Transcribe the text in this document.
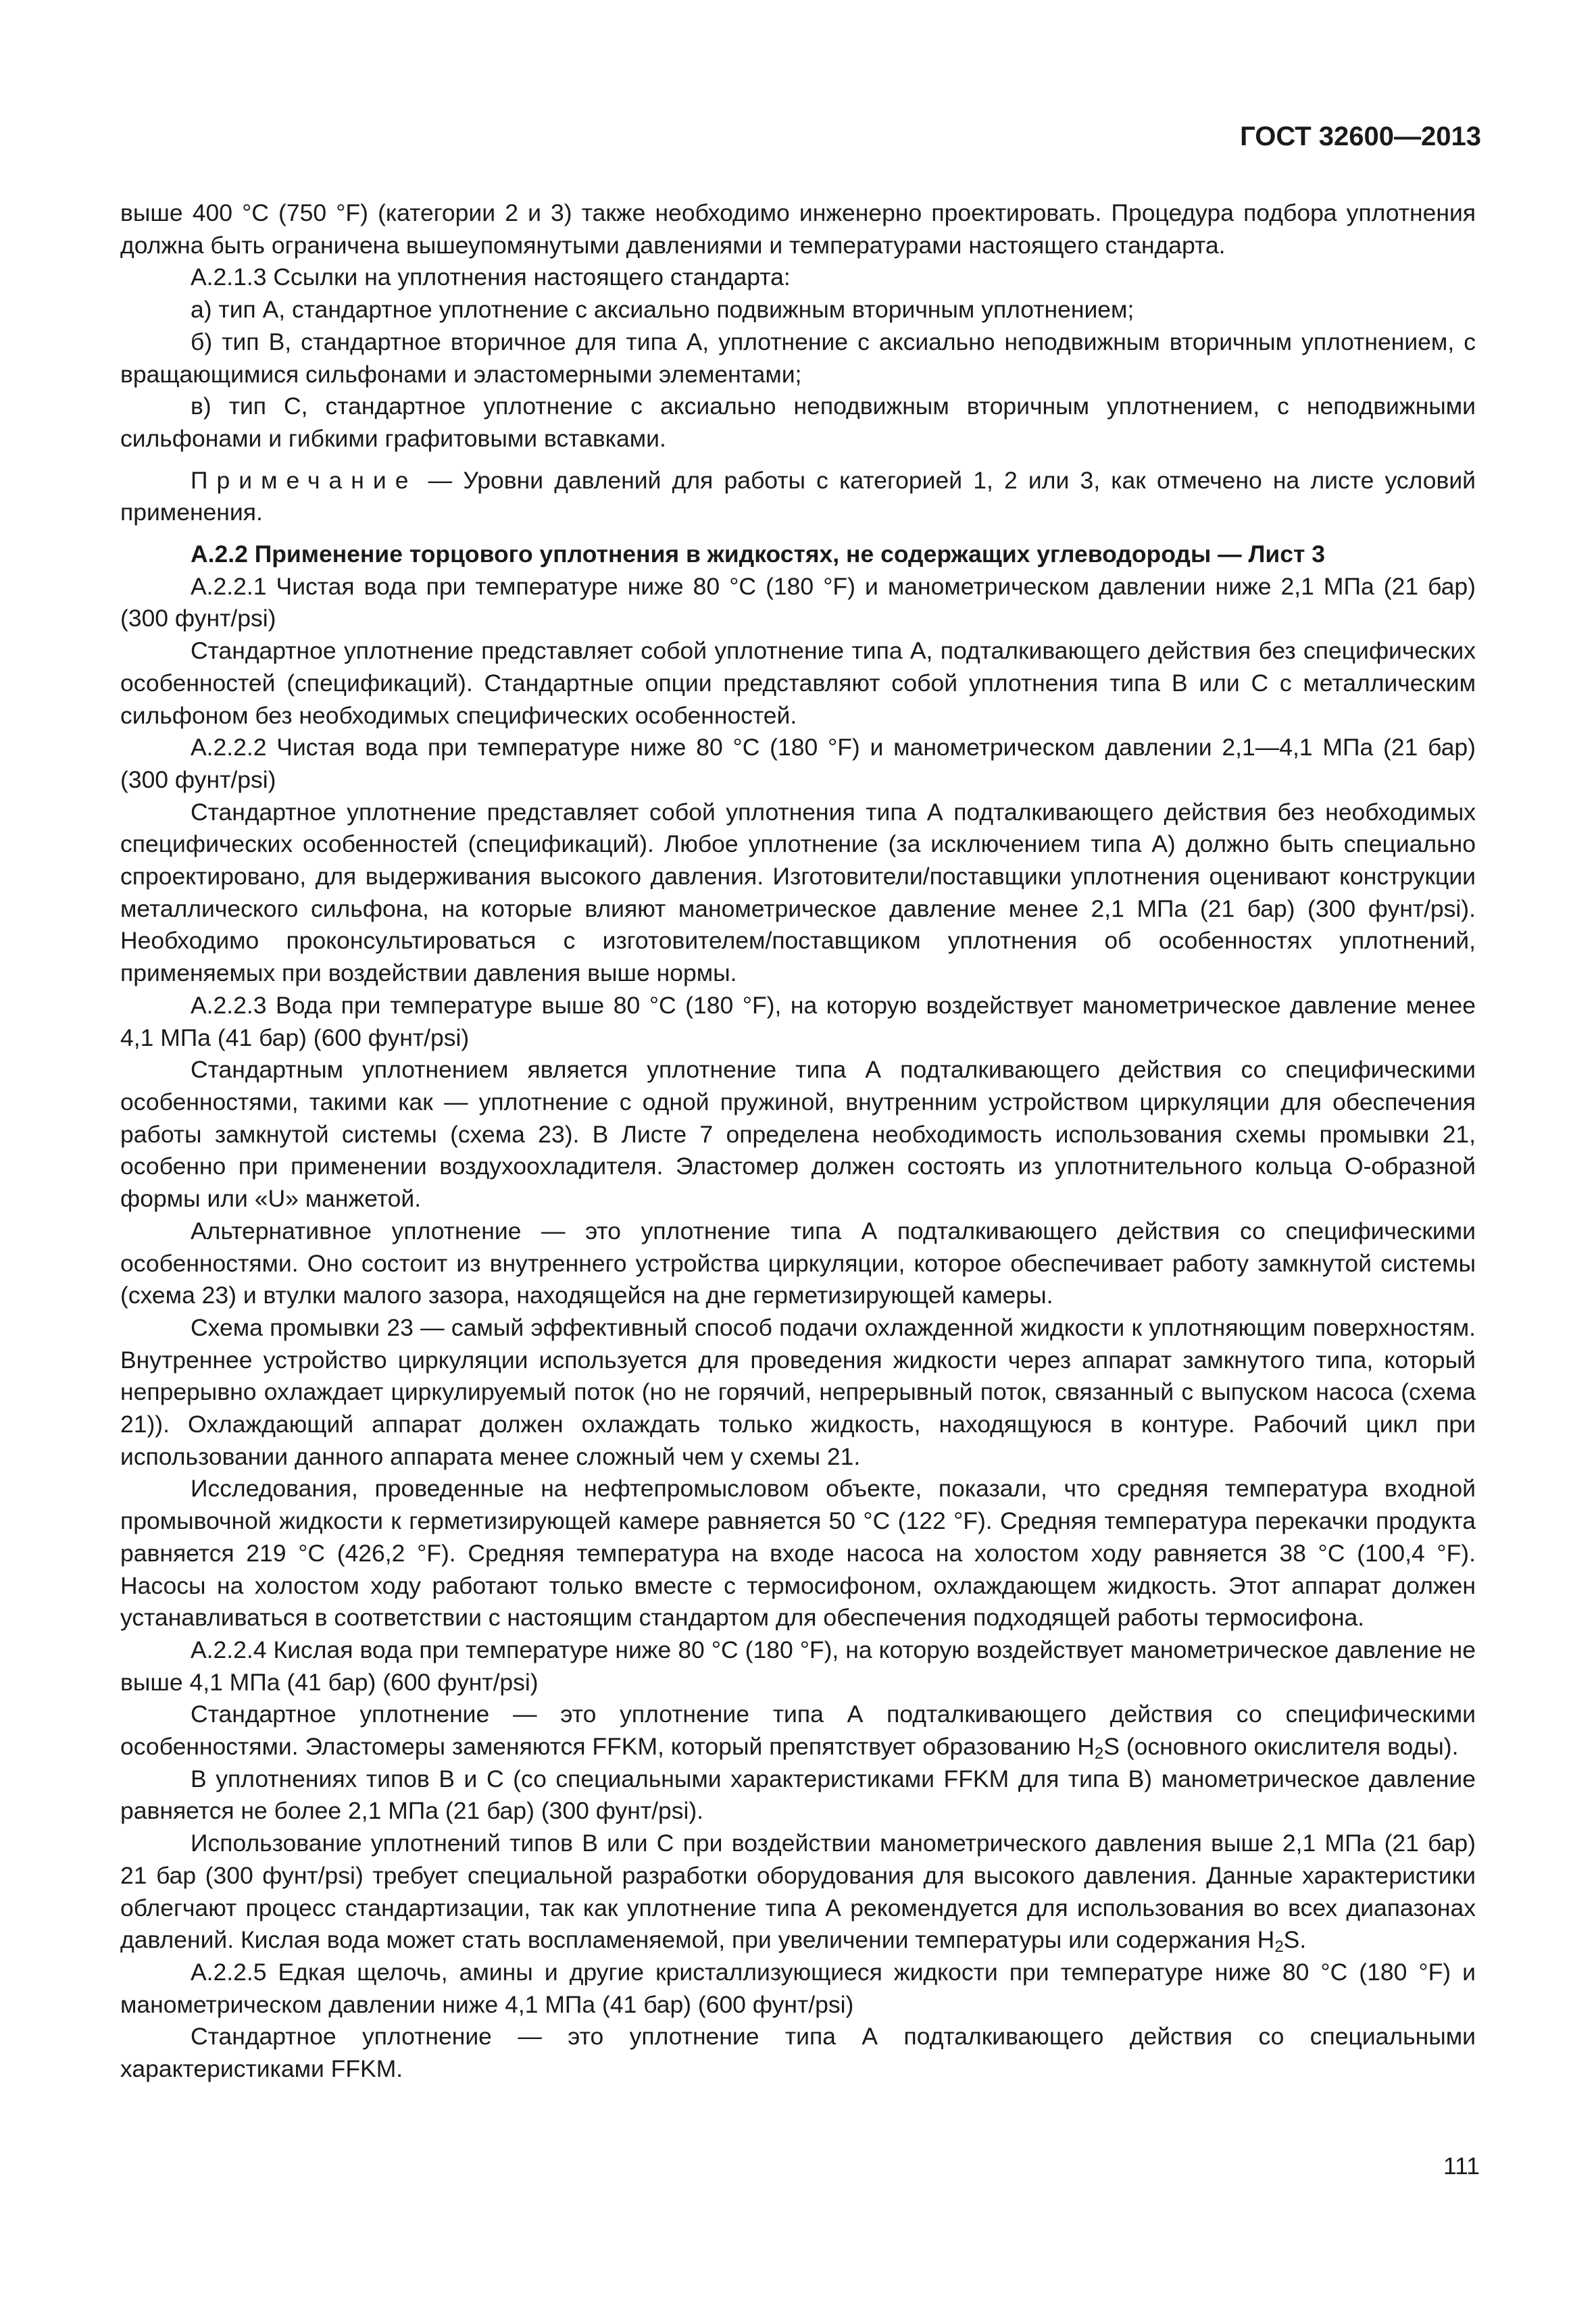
ГОСТ 32600—2013

выше 400 °С (750 °F) (категории 2 и 3) также необходимо инженерно проектировать. Процедура подбора уплотнения должна быть ограничена вышеупомянутыми давлениями и температурами настоящего стандарта.

А.2.1.3 Ссылки на уплотнения настоящего стандарта:

а) тип А, стандартное уплотнение с аксиально подвижным вторичным уплотнением;

б) тип В, стандартное вторичное для типа А, уплотнение с аксиально неподвижным вторичным уплотнением, с вращающимися сильфонами и эластомерными элементами;

в) тип С, стандартное уплотнение с аксиально неподвижным вторичным уплотнением, с неподвижными сильфонами и гибкими графитовыми вставками.

Примечание — Уровни давлений для работы с категорией 1, 2 или 3, как отмечено на листе условий применения.

А.2.2 Применение торцового уплотнения в жидкостях, не содержащих углеводороды — Лист 3

А.2.2.1 Чистая вода при температуре ниже 80 °С (180 °F) и манометрическом давлении ниже 2,1 МПа (21 бар) (300 фунт/psi)

Стандартное уплотнение представляет собой уплотнение типа А, подталкивающего действия без специфических особенностей (спецификаций). Стандартные опции представляют собой уплотнения типа В или С с металлическим сильфоном без необходимых специфических особенностей.

А.2.2.2 Чистая вода при температуре ниже 80 °С (180 °F) и манометрическом давлении 2,1—4,1 МПа (21 бар) (300 фунт/psi)

Стандартное уплотнение представляет собой уплотнения типа А подталкивающего действия без необходимых специфических особенностей (спецификаций). Любое уплотнение (за исключением типа А) должно быть специально спроектировано, для выдерживания высокого давления. Изготовители/поставщики уплотнения оценивают конструкции металлического сильфона, на которые влияют манометрическое давление менее 2,1 МПа (21 бар) (300 фунт/psi). Необходимо проконсультироваться с изготовителем/поставщиком уплотнения об особенностях уплотнений, применяемых при воздействии давления выше нормы.

А.2.2.3 Вода при температуре выше 80 °С (180 °F), на которую воздействует манометрическое давление менее 4,1 МПа (41 бар) (600 фунт/psi)

Стандартным уплотнением является уплотнение типа А подталкивающего действия со специфическими особенностями, такими как — уплотнение с одной пружиной, внутренним устройством циркуляции для обеспечения работы замкнутой системы (схема 23). В Листе 7 определена необходимость использования схемы промывки 21, особенно при применении воздухоохладителя. Эластомер должен состоять из уплотнительного кольца О-образной формы или «U» манжетой.

Альтернативное уплотнение — это уплотнение типа А подталкивающего действия со специфическими особенностями. Оно состоит из внутреннего устройства циркуляции, которое обеспечивает работу замкнутой системы (схема 23) и втулки малого зазора, находящейся на дне герметизирующей камеры.

Схема промывки 23 — самый эффективный способ подачи охлажденной жидкости к уплотняющим поверхностям. Внутреннее устройство циркуляции используется для проведения жидкости через аппарат замкнутого типа, который непрерывно охлаждает циркулируемый поток (но не горячий, непрерывный поток, связанный с выпуском насоса (схема 21)). Охлаждающий аппарат должен охлаждать только жидкость, находящуюся в контуре. Рабочий цикл при использовании данного аппарата менее сложный чем у схемы 21.

Исследования, проведенные на нефтепромысловом объекте, показали, что средняя температура входной промывочной жидкости к герметизирующей камере равняется 50 °С (122 °F). Средняя температура перекачки продукта равняется 219 °С (426,2 °F). Средняя температура на входе насоса на холостом ходу равняется 38 °С (100,4 °F). Насосы на холостом ходу работают только вместе с термосифоном, охлаждающем жидкость. Этот аппарат должен устанавливаться в соответствии с настоящим стандартом для обеспечения подходящей работы термосифона.

А.2.2.4 Кислая вода при температуре ниже 80 °С (180 °F), на которую воздействует манометрическое давление не выше 4,1 МПа (41 бар) (600 фунт/psi)

Стандартное уплотнение — это уплотнение типа А подталкивающего действия со специфическими особенностями. Эластомеры заменяются FFKM, который препятствует образованию $H_2S$ (основного окислителя воды).

В уплотнениях типов В и С (со специальными характеристиками FFKM для типа В) манометрическое давление равняется не более 2,1 МПа (21 бар) (300 фунт/psi).

Использование уплотнений типов В или С при воздействии манометрического давления выше 2,1 МПа (21 бар) 21 бар (300 фунт/psi) требует специальной разработки оборудования для высокого давления. Данные характеристики облегчают процесс стандартизации, так как уплотнение типа А рекомендуется для использования во всех диапазонах давлений. Кислая вода может стать воспламеняемой, при увеличении температуры или содержания $H_2S$.

А.2.2.5 Едкая щелочь, амины и другие кристаллизующиеся жидкости при температуре ниже 80 °С (180 °F) и манометрическом давлении ниже 4,1 МПа (41 бар) (600 фунт/psi)

Стандартное уплотнение — это уплотнение типа А подталкивающего действия со специальными характеристиками FFKM.

111
